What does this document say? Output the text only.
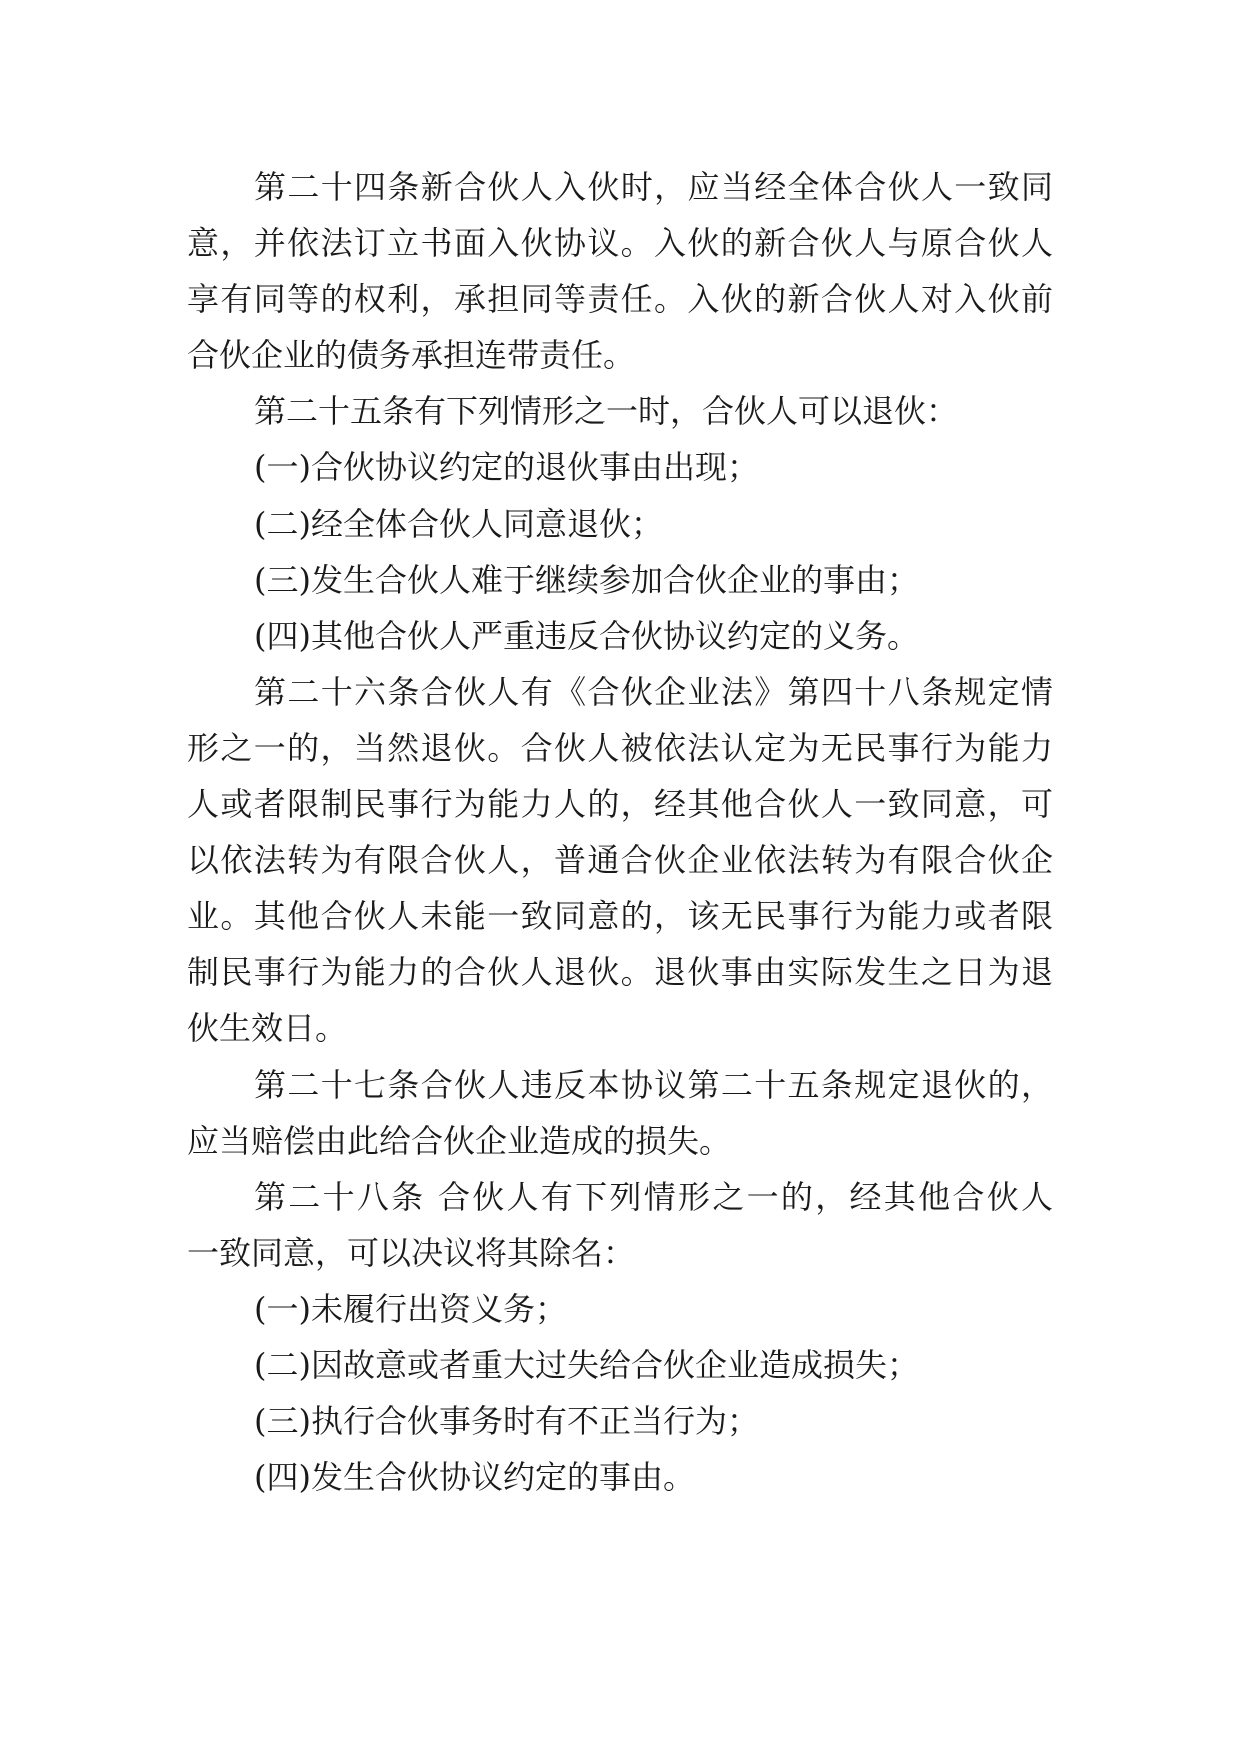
第二十四条新合伙人入伙时，应当经全体合伙人一致同
意，并依法订立书面入伙协议。入伙的新合伙人与原合伙人
享有同等的权利，承担同等责任。入伙的新合伙人对入伙前
合伙企业的债务承担连带责任。
第二十五条有下列情形之一时，合伙人可以退伙：
(一)合伙协议约定的退伙事由出现；
(二)经全体合伙人同意退伙；
(三)发生合伙人难于继续参加合伙企业的事由；
(四)其他合伙人严重违反合伙协议约定的义务。
第二十六条合伙人有《合伙企业法》第四十八条规定情
形之一的，当然退伙。合伙人被依法认定为无民事行为能力
人或者限制民事行为能力人的，经其他合伙人一致同意，可
以依法转为有限合伙人，普通合伙企业依法转为有限合伙企
业。其他合伙人未能一致同意的，该无民事行为能力或者限
制民事行为能力的合伙人退伙。退伙事由实际发生之日为退
伙生效日。
第二十七条合伙人违反本协议第二十五条规定退伙的，
应当赔偿由此给合伙企业造成的损失。
第二十八条 合伙人有下列情形之一的，经其他合伙人
一致同意，可以决议将其除名：
(一)未履行出资义务；
(二)因故意或者重大过失给合伙企业造成损失；
(三)执行合伙事务时有不正当行为；
(四)发生合伙协议约定的事由。
